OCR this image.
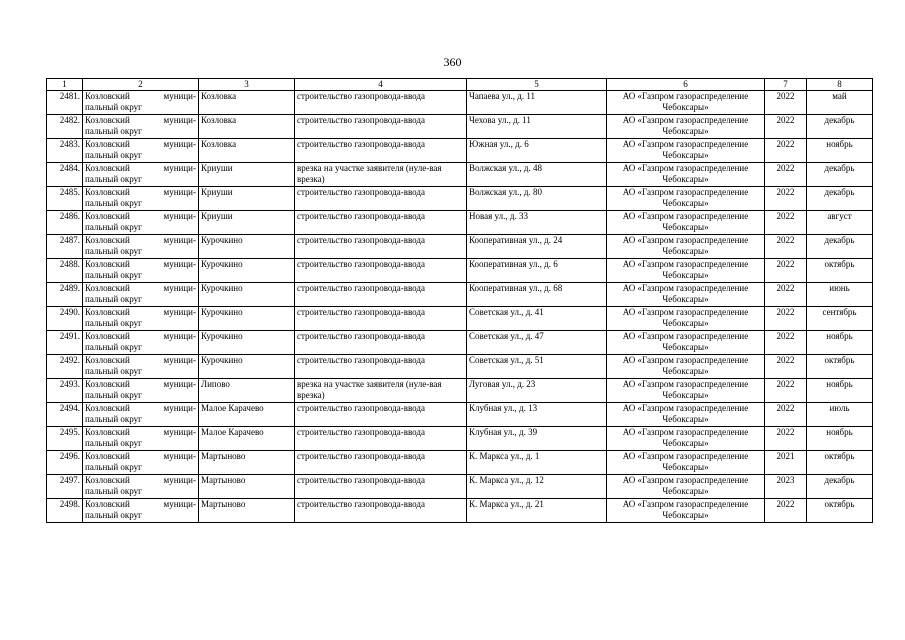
360
1	2	3	4	5	6	7	8
2481.	Козловский муници-пальный округ	Козловка	строительство газопровода-ввода	Чапаева ул., д. 11	АО «Газпром газораспределение Чебоксары»	2022	май
2482.	Козловский муници-пальный округ	Козловка	строительство газопровода-ввода	Чехова ул., д. 11	АО «Газпром газораспределение Чебоксары»	2022	декабрь
2483.	Козловский муници-пальный округ	Козловка	строительство газопровода-ввода	Южная ул., д. 6	АО «Газпром газораспределение Чебоксары»	2022	ноябрь
2484.	Козловский муници-пальный округ	Криуши	врезка на участке заявителя (нуле-вая врезка)	Волжская ул., д. 48	АО «Газпром газораспределение Чебоксары»	2022	декабрь
2485.	Козловский муници-пальный округ	Криуши	строительство газопровода-ввода	Волжская ул., д. 80	АО «Газпром газораспределение Чебоксары»	2022	декабрь
2486.	Козловский муници-пальный округ	Криуши	строительство газопровода-ввода	Новая ул., д. 33	АО «Газпром газораспределение Чебоксары»	2022	август
2487.	Козловский муници-пальный округ	Курочкино	строительство газопровода-ввода	Кооперативная ул., д. 24	АО «Газпром газораспределение Чебоксары»	2022	декабрь
2488.	Козловский муници-пальный округ	Курочкино	строительство газопровода-ввода	Кооперативная ул., д. 6	АО «Газпром газораспределение Чебоксары»	2022	октябрь
2489.	Козловский муници-пальный округ	Курочкино	строительство газопровода-ввода	Кооперативная ул., д. 68	АО «Газпром газораспределение Чебоксары»	2022	июнь
2490.	Козловский муници-пальный округ	Курочкино	строительство газопровода-ввода	Советская ул., д. 41	АО «Газпром газораспределение Чебоксары»	2022	сентябрь
2491.	Козловский муници-пальный округ	Курочкино	строительство газопровода-ввода	Советская ул., д. 47	АО «Газпром газораспределение Чебоксары»	2022	ноябрь
2492.	Козловский муници-пальный округ	Курочкино	строительство газопровода-ввода	Советская ул., д. 51	АО «Газпром газораспределение Чебоксары»	2022	октябрь
2493.	Козловский муници-пальный округ	Липово	врезка на участке заявителя (нуле-вая врезка)	Луговая ул., д. 23	АО «Газпром газораспределение Чебоксары»	2022	ноябрь
2494.	Козловский муници-пальный округ	Малое Карачево	строительство газопровода-ввода	Клубная ул., д. 13	АО «Газпром газораспределение Чебоксары»	2022	июль
2495.	Козловский муници-пальный округ	Малое Карачево	строительство газопровода-ввода	Клубная ул., д. 39	АО «Газпром газораспределение Чебоксары»	2022	ноябрь
2496.	Козловский муници-пальный округ	Мартыново	строительство газопровода-ввода	К. Маркса ул., д. 1	АО «Газпром газораспределение Чебоксары»	2021	октябрь
2497.	Козловский муници-пальный округ	Мартыново	строительство газопровода-ввода	К. Маркса ул., д. 12	АО «Газпром газораспределение Чебоксары»	2023	декабрь
2498.	Козловский муници-пальный округ	Мартыново	строительство газопровода-ввода	К. Маркса ул., д. 21	АО «Газпром газораспределение Чебоксары»	2022	октябрь
